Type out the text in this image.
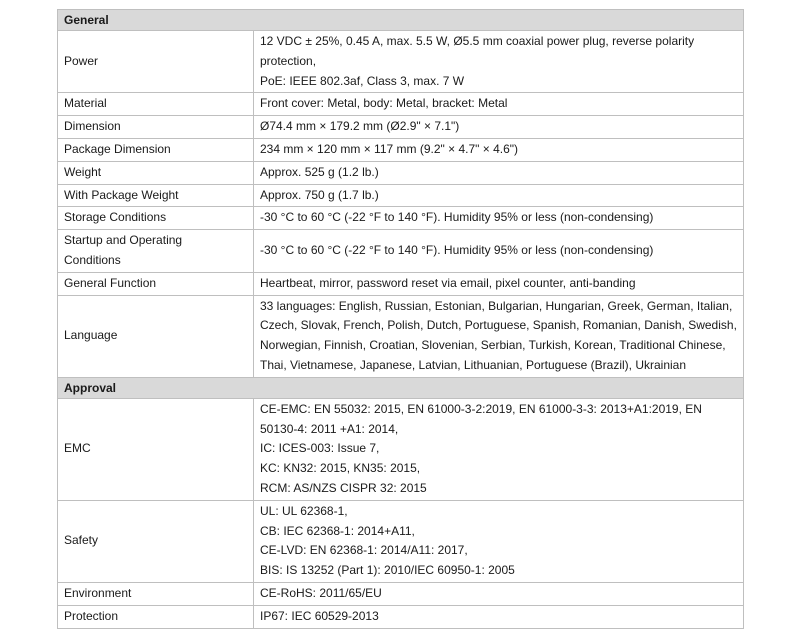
General	
Power	12 VDC ± 25%, 0.45 A, max. 5.5 W, Ø5.5 mm coaxial power plug, reverse polarity
protection,
PoE: IEEE 802.3af, Class 3, max. 7 W

Material	Front cover: Metal, body: Metal, bracket: Metal

Dimension	Ø74.4 mm × 179.2 mm (Ø2.9" × 7.1")

Package Dimension	234 mm × 120 mm × 117 mm (9.2" × 4.7" × 4.6")

Weight	Approx. 525 g (1.2 lb.)

With Package Weight	Approx. 750 g (1.7 lb.)

Storage Conditions	-30 °C to 60 °C (-22 °F to 140 °F). Humidity 95% or less (non-condensing)

Startup and Operating
Conditions	-30 °C to 60 °C (-22 °F to 140 °F). Humidity 95% or less (non-condensing)

General Function	Heartbeat, mirror, password reset via email, pixel counter, anti-banding

Language	33 languages: English, Russian, Estonian, Bulgarian, Hungarian, Greek, German, Italian,
Czech, Slovak, French, Polish, Dutch, Portuguese, Spanish, Romanian, Danish, Swedish,
Norwegian, Finnish, Croatian, Slovenian, Serbian, Turkish, Korean, Traditional Chinese,
Thai, Vietnamese, Japanese, Latvian, Lithuanian, Portuguese (Brazil), Ukrainian

Approval	
EMC	CE-EMC: EN 55032: 2015, EN 61000-3-2:2019, EN 61000-3-3: 2013+A1:2019, EN
50130-4: 2011 +A1: 2014,
IC: ICES-003: Issue 7,
KC: KN32: 2015, KN35: 2015,
RCM: AS/NZS CISPR 32: 2015

Safety	UL: UL 62368-1,
CB: IEC 62368-1: 2014+A11,
CE-LVD: EN 62368-1: 2014/A11: 2017,
BIS: IS 13252 (Part 1): 2010/IEC 60950-1: 2005

Environment	CE-RoHS: 2011/65/EU

Protection	IP67: IEC 60529-2013
